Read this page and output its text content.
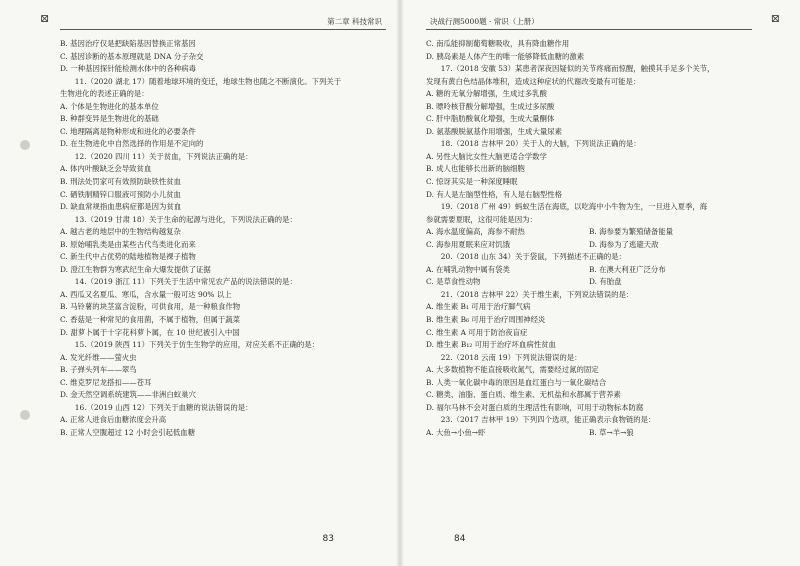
⊠	第二章 科技常识
B. 基因治疗仅是把缺陷基因替换正常基因
C. 基因诊断的基本原理就是 DNA 分子杂交
D. 一种基因探针能检测水体中的各种病毒
11.（2020 湖北 17）随着地球环境的变迁，地球生物也随之不断演化。下列关于
生物进化的表述正确的是：
A. 个体是生物进化的基本单位
B. 种群变异是生物进化的基础
C. 地理隔离是物种形成和进化的必要条件
D. 在生物进化中自然选择的作用是不定向的
12.（2020 四川 11）关于贫血，下列说法正确的是：
A. 体内叶酸缺乏会导致贫血
B. 刑法处罚家可有效预防缺铁性贫血
C. 硒铁制精锌口服液可预防小儿贫血
D. 缺血常规指血患病症都是因为贫血
13.（2019 甘肃 18）关于生命的起源与进化，下列说法正确的是：
A. 越古老的地层中的生物结构越复杂
B. 原始哺乳类是由某些古代鸟类进化而来
C. 新生代中占优势的陆地植物是裸子植物
D. 澄江生物群为寒武纪生命大爆发提供了证据
14.（2019 浙江 11）下列关于生活中常见农产品的说法错误的是：
A. 西瓜又名夏瓜、寒瓜，含水量一般可达 90% 以上
B. 马铃薯的块茎富含淀粉，可供食用，是一种粮食作物
C. 香菇是一种常见的食用菌，不属于植物，但属于蔬菜
D. 甜萝卜属于十字花科萝卜属，在 10 世纪被引入中国
15.（2019 陕西 11）下列关于仿生生物学的应用，对应关系不正确的是：
A. 发光纤维——萤火虫
B. 子弹头列车——翠鸟
C. 维克罗尼龙搭扣——苍耳
D. 金天然空调系统建筑——非洲白蚁巢穴
16.（2019 山西 12）下列关于血糖的说法错误的是：
A. 正常人进食后血糖浓度会升高
B. 正常人空腹超过 12 小时会引起低血糖
83
⊠
决战行测5000题 · 常识（上册）
C. 南瓜能抑制葡萄糖吸收，具有降血糖作用
D. 胰岛素是人体产生的唯一能够降低血糖的激素
17.（2018 安徽 53）某患者深夜因疑似的关节疼痛而惊醒，触摸其手足多个关节，
发现有黄白色结晶体堆积，造成这种症状的代谢改变最有可能是：
A. 糖的无氧分解增强，生成过多乳酸
B. 嘌呤核苷酸分解增强，生成过多尿酸
C. 肝中脂肪酸氧化增强，生成大量酮体
D. 氨基酸脱氨基作用增强，生成大量尿素
18.（2018 吉林甲 20）关于人的大脑，下列说法正确的是：
A. 另性大脑比女性大脑更适合学数学
B. 成人也能够长出新的脑细胞
C. 惊讶其实是一种深度睡眠
D. 有人是左脑型性格，有人是右脑型性格
19.（2018 广州 49）蚂蚁生活在海底，以吃海中小牛物为生，一旦进入夏季，海
参就需要夏眠，这很可能是因为：
A. 海水温度偏高，海参不耐热	B. 海参要为繁殖储备能量
C. 海参用夏眠来应对饥饿	D. 海参为了逃避天敌
20.（2018 山东 34）关于袋鼠，下列描述不正确的是：
A. 在哺乳动物中属有袋类	B. 在澳大利亚广泛分布
C. 是草食性动物	D. 有胎盘
21.（2018 吉林甲 22）关于维生素，下列说法错误的是：
A. 维生素 B₁ 可用于治疗脚气病
B. 维生素 B₆ 可用于治疗周围神经炎
C. 维生素 A 可用于防治夜盲症
D. 维生素 B₁₂ 可用于治疗坏血病性贫血
22.（2018 云南 19）下列说法错误的是：
A. 大多数植物不能直接吸收氮气，需要经过氮的固定
B. 人类一氧化碳中毒的原因是血红蛋白与一氧化碳结合
C. 糖类、油脂、蛋白质、维生素、无机盐和水都属于营养素
D. 福尔马林不会对蛋白质的生理活性有影响，可用于动物标本防腐
23.（2017 吉林甲 19）下列四个选项，能正确表示食物链的是：
A. 大鱼→小鱼→虾	B. 草→羊→狼
84
